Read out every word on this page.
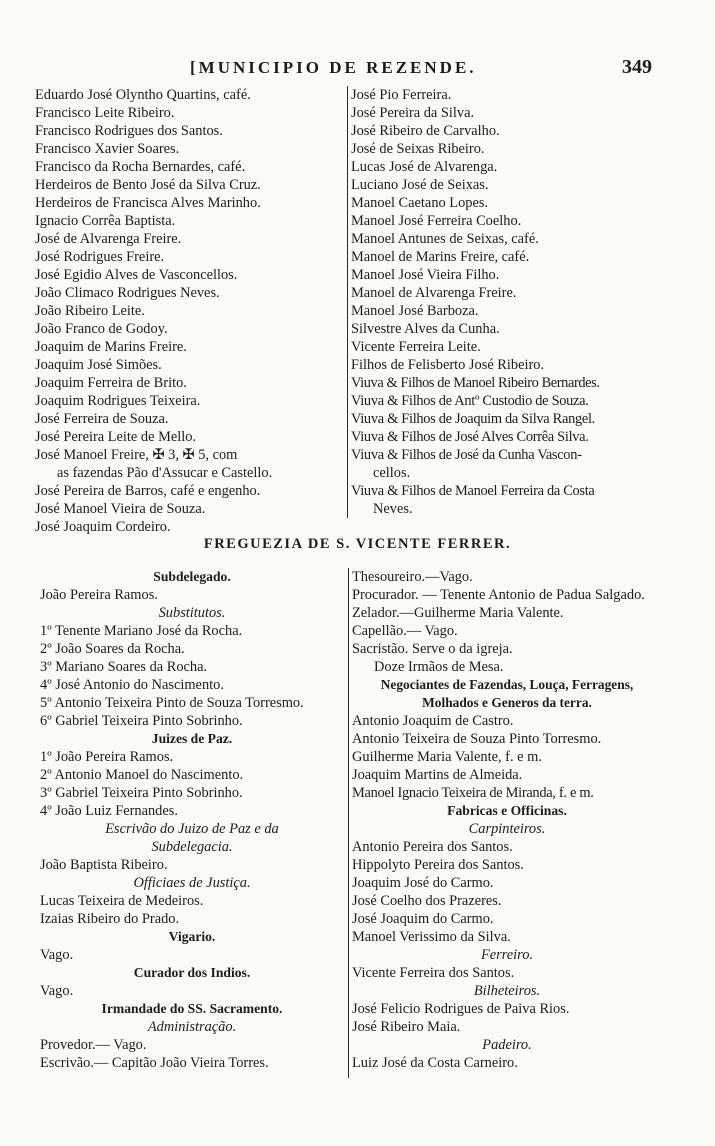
[MUNICIPIO DE REZENDE.	349
Eduardo José Olyntho Quartins, café.
Francisco Leite Ribeiro.
Francisco Rodrigues dos Santos.
Francisco Xavier Soares.
Francisco da Rocha Bernardes, café.
Herdeiros de Bento José da Silva Cruz.
Herdeiros de Francisca Alves Marinho.
Ignacio Corrêa Baptista.
José de Alvarenga Freire.
José Rodrigues Freire.
José Egidio Alves de Vasconcellos.
João Climaco Rodrigues Neves.
João Ribeiro Leite.
João Franco de Godoy.
Joaquim de Marins Freire.
Joaquim José Simões.
Joaquim Ferreira de Brito.
Joaquim Rodrigues Teixeira.
José Ferreira de Souza.
José Pereira Leite de Mello.
José Manoel Freire, ✠ 3, ✠ 5, com
as fazendas Pão d'Assucar e Castello.
José Pereira de Barros, café e engenho.
José Manoel Vieira de Souza.
José Joaquim Cordeiro.
José Pio Ferreira.
José Pereira da Silva.
José Ribeiro de Carvalho.
José de Seixas Ribeiro.
Lucas José de Alvarenga.
Luciano José de Seixas.
Manoel Caetano Lopes.
Manoel José Ferreira Coelho.
Manoel Antunes de Seixas, café.
Manoel de Marins Freire, café.
Manoel José Vieira Filho.
Manoel de Alvarenga Freire.
Manoel José Barboza.
Silvestre Alves da Cunha.
Vicente Ferreira Leite.
Filhos de Felisberto José Ribeiro.
Viuva & Filhos de Manoel Ribeiro Bernardes.
Viuva & Filhos de Antº Custodio de Souza.
Viuva & Filhos de Joaquim da Silva Rangel.
Viuva & Filhos de José Alves Corrêa Silva.
Viuva & Filhos de José da Cunha Vascon-
cellos.
Viuva & Filhos de Manoel Ferreira da Costa
Neves.
FREGUEZIA DE S. VICENTE FERRER.
Subdelegado.
João Pereira Ramos.
Substitutos.
1º Tenente Mariano José da Rocha.
2º João Soares da Rocha.
3º Mariano Soares da Rocha.
4º José Antonio do Nascimento.
5º Antonio Teixeira Pinto de Souza Torresmo.
6º Gabriel Teixeira Pinto Sobrinho.
Juizes de Paz.
1º João Pereira Ramos.
2º Antonio Manoel do Nascimento.
3º Gabriel Teixeira Pinto Sobrinho.
4º João Luiz Fernandes.
Escrivão do Juizo de Paz e da Subdelegacia.
João Baptista Ribeiro.
Officiaes de Justiça.
Lucas Teixeira de Medeiros.
Izaias Ribeiro do Prado.
Vigario.
Vago.
Curador dos Indios.
Vago.
Irmandade do SS. Sacramento.
Administração.
Provedor.— Vago.
Escrivão.— Capitão João Vieira Torres.
Thesoureiro.—Vago.
Procurador. — Tenente Antonio de Padua Salgado.
Zelador.—Guilherme Maria Valente.
Capellão.— Vago.
Sacristão. Serve o da igreja.
Doze Irmãos de Mesa.
Negociantes de Fazendas, Louça, Ferragens, Molhados e Generos da terra.
Antonio Joaquim de Castro.
Antonio Teixeira de Souza Pinto Torresmo.
Guilherme Maria Valente, f. e m.
Joaquim Martins de Almeida.
Manoel Ignacio Teixeira de Miranda, f. e m.
Fabricas e Officinas.
Carpinteiros.
Antonio Pereira dos Santos.
Hippolyto Pereira dos Santos.
Joaquim José do Carmo.
José Coelho dos Prazeres.
José Joaquim do Carmo.
Manoel Verissimo da Silva.
Ferreiro.
Vicente Ferreira dos Santos.
Bilheteiros.
José Felicio Rodrigues de Paiva Rios.
José Ribeiro Maia.
Padeiro.
Luiz José da Costa Carneiro.
